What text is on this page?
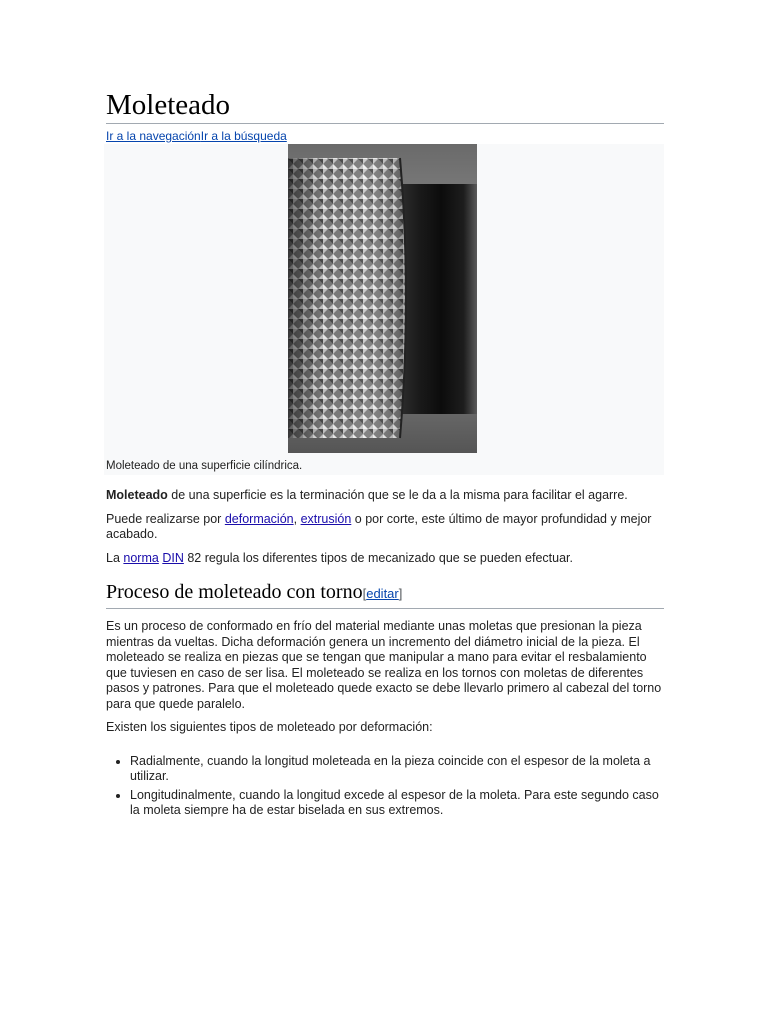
Moleteado
Ir a la navegaciónIr a la búsqueda
Moleteado de una superficie cilíndrica.

Moleteado de una superficie es la terminación que se le da a la misma para facilitar el agarre.

Puede realizarse por deformación, extrusión o por corte, este último de mayor profundidad y mejor acabado.

La norma DIN 82 regula los diferentes tipos de mecanizado que se pueden efectuar.

Proceso de moleteado con torno[editar]

Es un proceso de conformado en frío del material mediante unas moletas que presionan la pieza mientras da vueltas. Dicha deformación genera un incremento del diámetro inicial de la pieza. El moleteado se realiza en piezas que se tengan que manipular a mano para evitar el resbalamiento que tuviesen en caso de ser lisa. El moleteado se realiza en los tornos con moletas de diferentes pasos y patrones. Para que el moleteado quede exacto se debe llevarlo primero al cabezal del torno para que quede paralelo.

Existen los siguientes tipos de moleteado por deformación:

• Radialmente, cuando la longitud moleteada en la pieza coincide con el espesor de la moleta a utilizar.
• Longitudinalmente, cuando la longitud excede al espesor de la moleta. Para este segundo caso la moleta siempre ha de estar biselada en sus extremos.
